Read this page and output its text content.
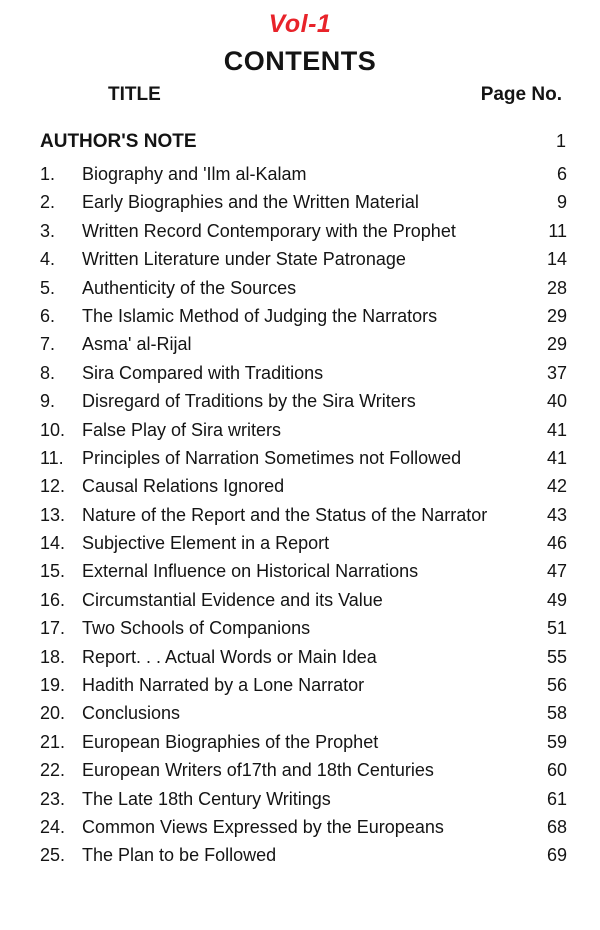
Vol-1
CONTENTS
TITLE	Page No.
AUTHOR'S NOTE	1
1. Biography and 'Ilm al-Kalam	6
2. Early Biographies and the Written Material	9
3. Written Record Contemporary with the Prophet	11
4. Written Literature under State Patronage	14
5. Authenticity of the Sources	28
6. The Islamic Method of Judging the Narrators	29
7. Asma' al-Rijal	29
8. Sira Compared with Traditions	37
9. Disregard of Traditions by the Sira Writers	40
10. False Play of Sira writers	41
11. Principles of Narration Sometimes not Followed	41
12. Causal Relations Ignored	42
13. Nature of the Report and the Status of the Narrator	43
14. Subjective Element in a Report	46
15. External Influence on Historical Narrations	47
16. Circumstantial Evidence and its Value	49
17. Two Schools of Companions	51
18. Report. . . Actual Words or Main Idea	55
19. Hadith Narrated by a Lone Narrator	56
20. Conclusions	58
21. European Biographies of the Prophet	59
22. European Writers of17th and 18th Centuries	60
23. The Late 18th Century Writings	61
24. Common Views Expressed by the Europeans	68
25. The Plan to be Followed	69
